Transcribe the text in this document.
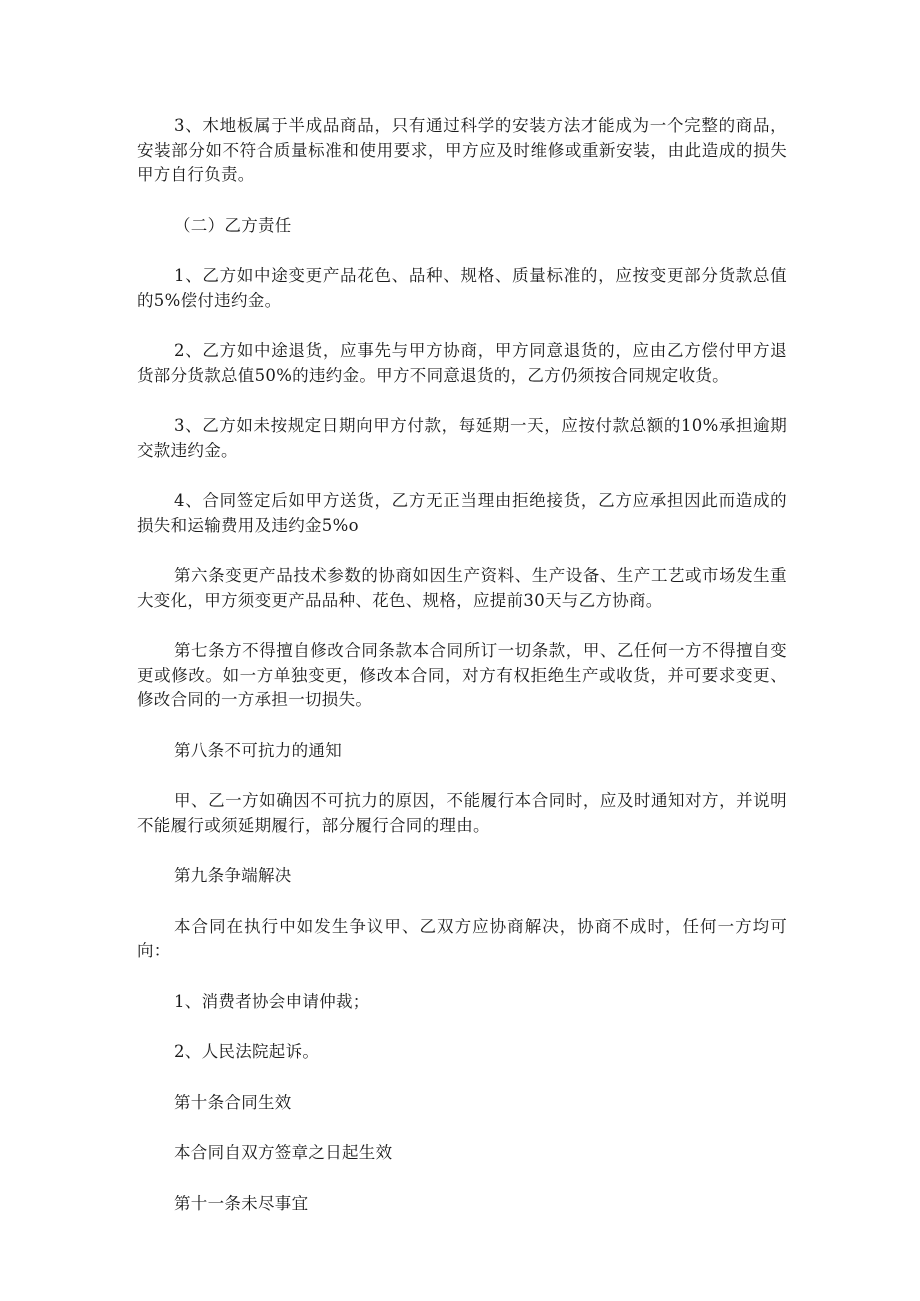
3、木地板属于半成品商品，只有通过科学的安装方法才能成为一个完整的商品，安装部分如不符合质量标准和使用要求，甲方应及时维修或重新安装，由此造成的损失甲方自行负责。

（二）乙方责任

1、乙方如中途变更产品花色、品种、规格、质量标准的，应按变更部分货款总值的5%偿付违约金。

2、乙方如中途退货，应事先与甲方协商，甲方同意退货的，应由乙方偿付甲方退货部分货款总值50%的违约金。甲方不同意退货的，乙方仍须按合同规定收货。

3、乙方如未按规定日期向甲方付款，每延期一天，应按付款总额的10%承担逾期交款违约金。

4、合同签定后如甲方送货，乙方无正当理由拒绝接货，乙方应承担因此而造成的损失和运输费用及违约金5%o

第六条变更产品技术参数的协商如因生产资料、生产设备、生产工艺或市场发生重大变化，甲方须变更产品品种、花色、规格，应提前30天与乙方协商。

第七条方不得擅自修改合同条款本合同所订一切条款，甲、乙任何一方不得擅自变更或修改。如一方单独变更，修改本合同，对方有权拒绝生产或收货，并可要求变更、修改合同的一方承担一切损失。

第八条不可抗力的通知

甲、乙一方如确因不可抗力的原因，不能履行本合同时，应及时通知对方，并说明不能履行或须延期履行，部分履行合同的理由。

第九条争端解决

本合同在执行中如发生争议甲、乙双方应协商解决，协商不成时，任何一方均可向：

1、消费者协会申请仲裁；

2、人民法院起诉。

第十条合同生效

本合同自双方签章之日起生效

第十一条未尽事宜
